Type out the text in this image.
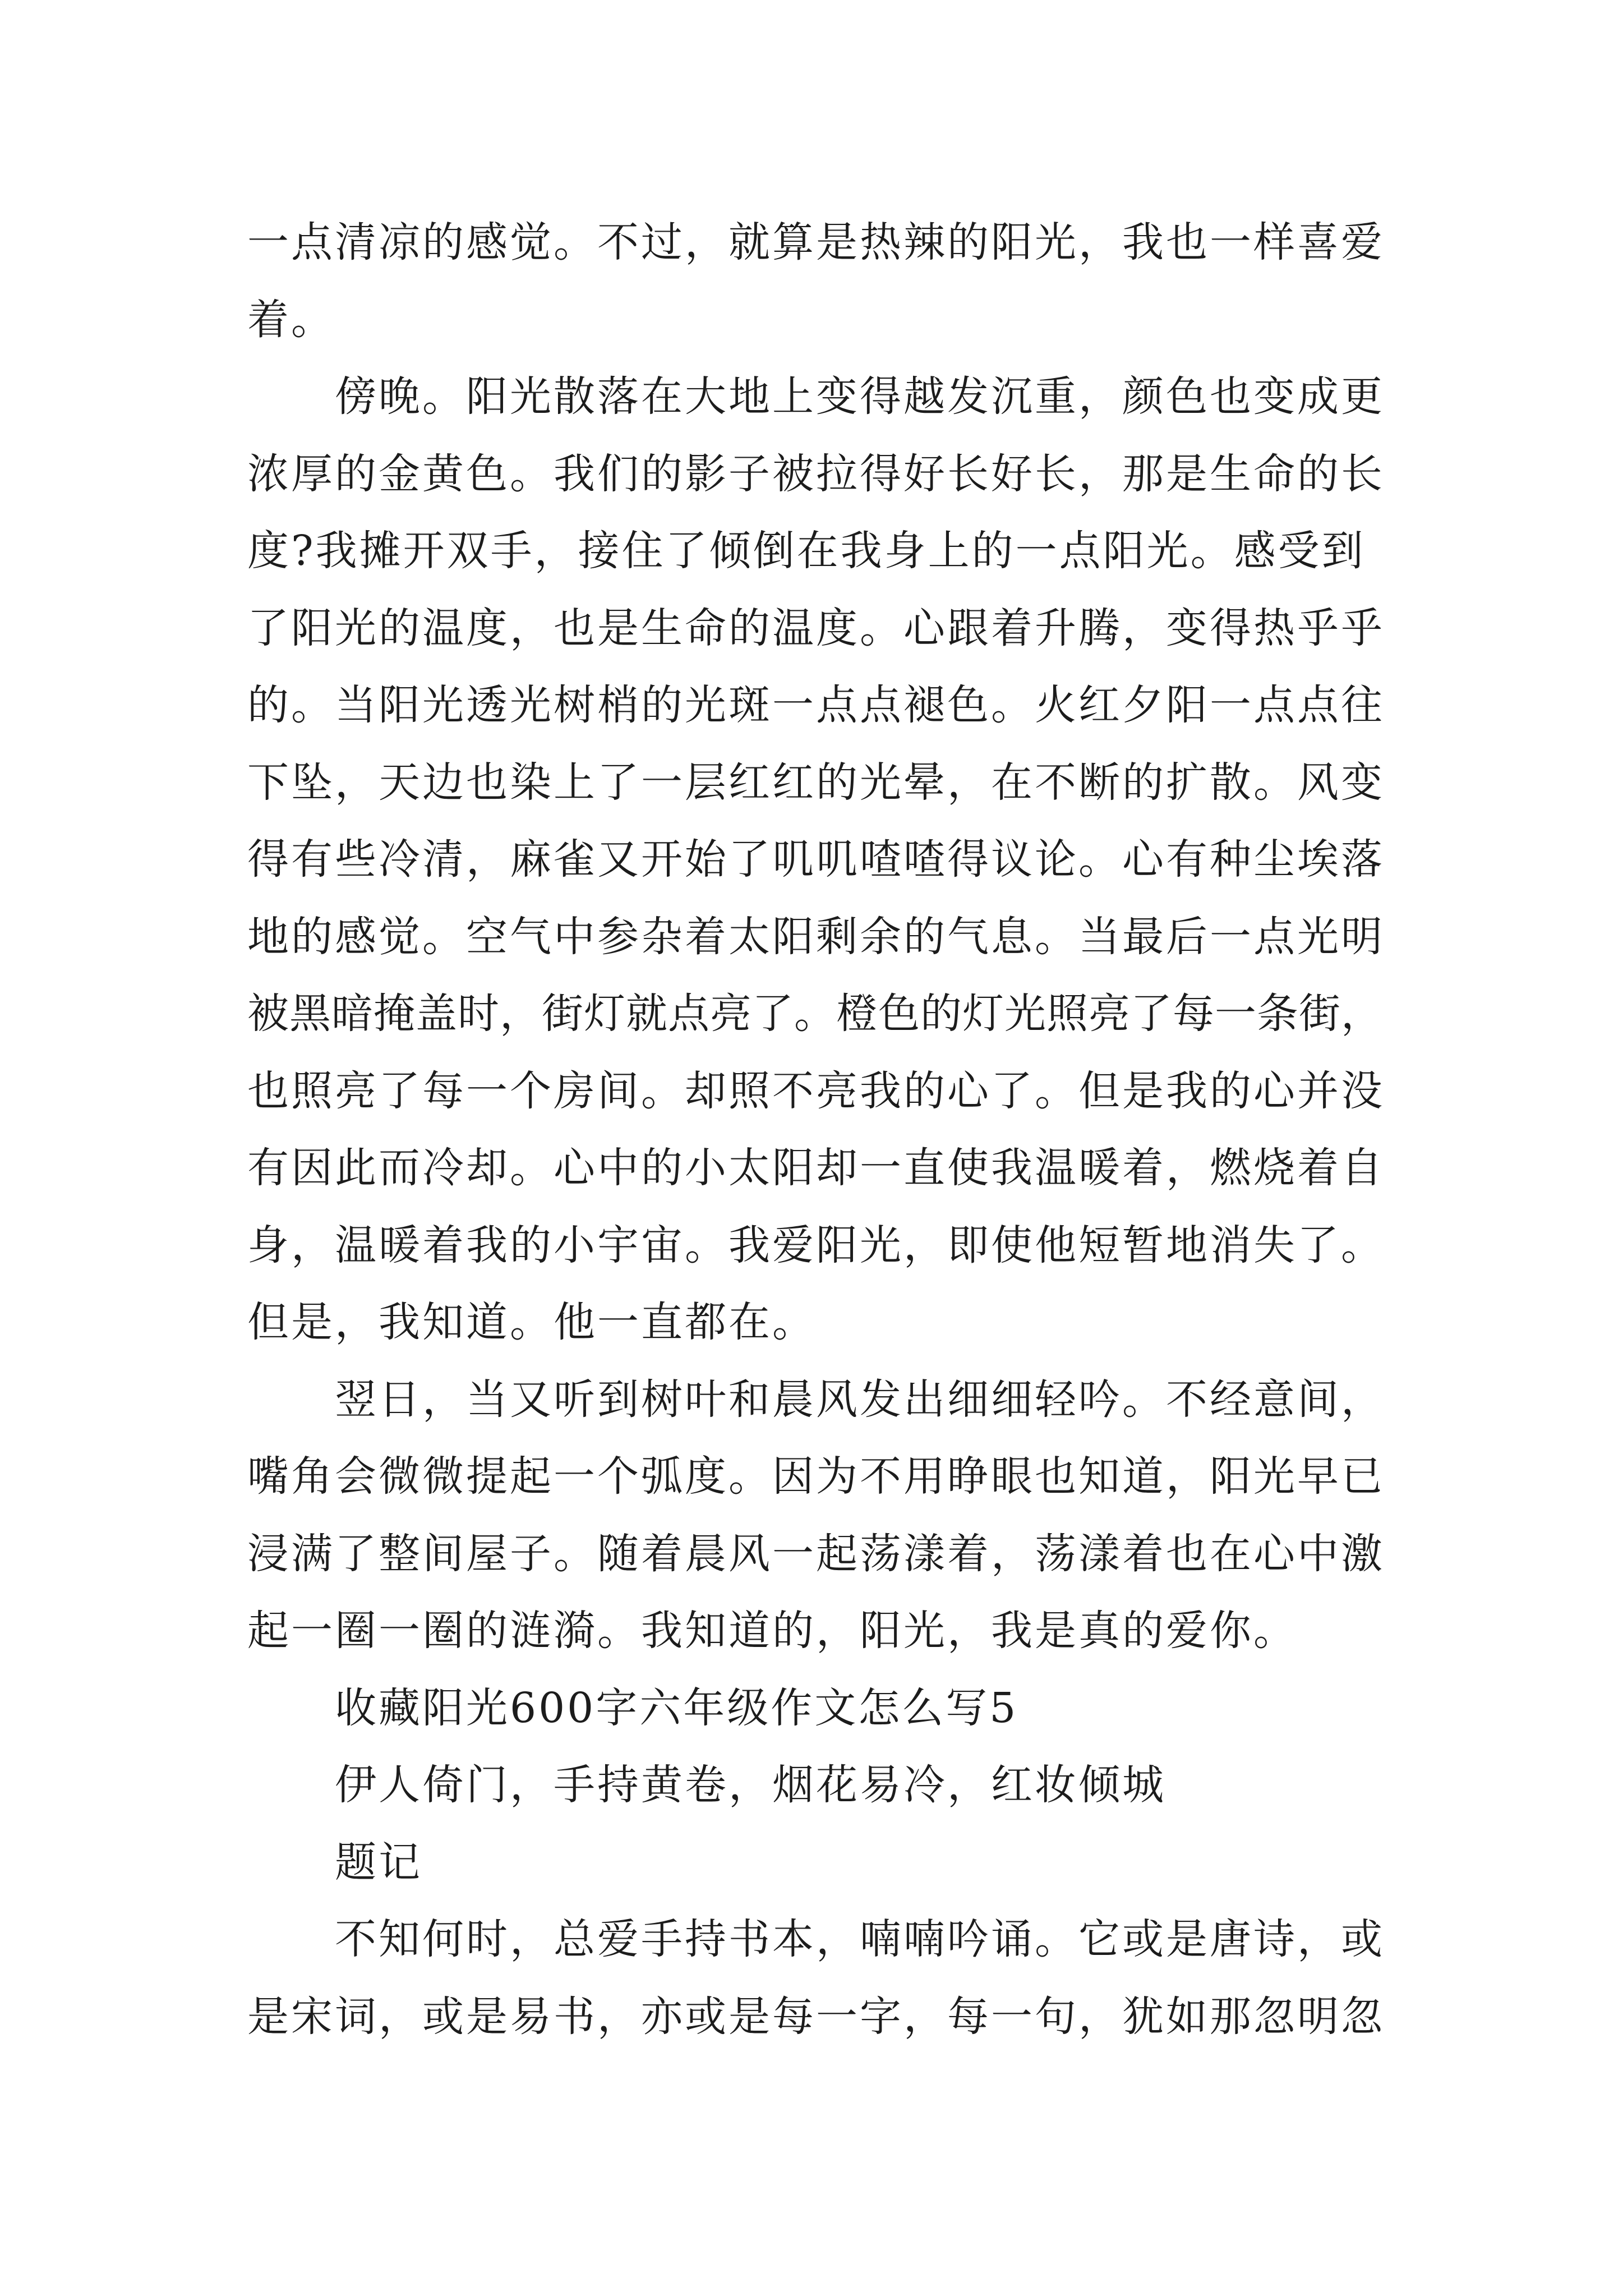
一点清凉的感觉。不过，就算是热辣的阳光，我也一样喜爱
着。
傍晚。阳光散落在大地上变得越发沉重，颜色也变成更
浓厚的金黄色。我们的影子被拉得好长好长，那是生命的长
度?我摊开双手，接住了倾倒在我身上的一点阳光。感受到
了阳光的温度，也是生命的温度。心跟着升腾，变得热乎乎
的。当阳光透光树梢的光斑一点点褪色。火红夕阳一点点往
下坠，天边也染上了一层红红的光晕，在不断的扩散。风变
得有些冷清，麻雀又开始了叽叽喳喳得议论。心有种尘埃落
地的感觉。空气中参杂着太阳剩余的气息。当最后一点光明
被黑暗掩盖时，街灯就点亮了。橙色的灯光照亮了每一条街，
也照亮了每一个房间。却照不亮我的心了。但是我的心并没
有因此而冷却。心中的小太阳却一直使我温暖着，燃烧着自
身，温暖着我的小宇宙。我爱阳光，即使他短暂地消失了。
但是，我知道。他一直都在。
翌日，当又听到树叶和晨风发出细细轻吟。不经意间，
嘴角会微微提起一个弧度。因为不用睁眼也知道，阳光早已
浸满了整间屋子。随着晨风一起荡漾着，荡漾着也在心中激
起一圈一圈的涟漪。我知道的，阳光，我是真的爱你。
收藏阳光600字六年级作文怎么写5
伊人倚门，手持黄卷，烟花易冷，红妆倾城
题记
不知何时，总爱手持书本，喃喃吟诵。它或是唐诗，或
是宋词，或是易书，亦或是每一字，每一句，犹如那忽明忽
